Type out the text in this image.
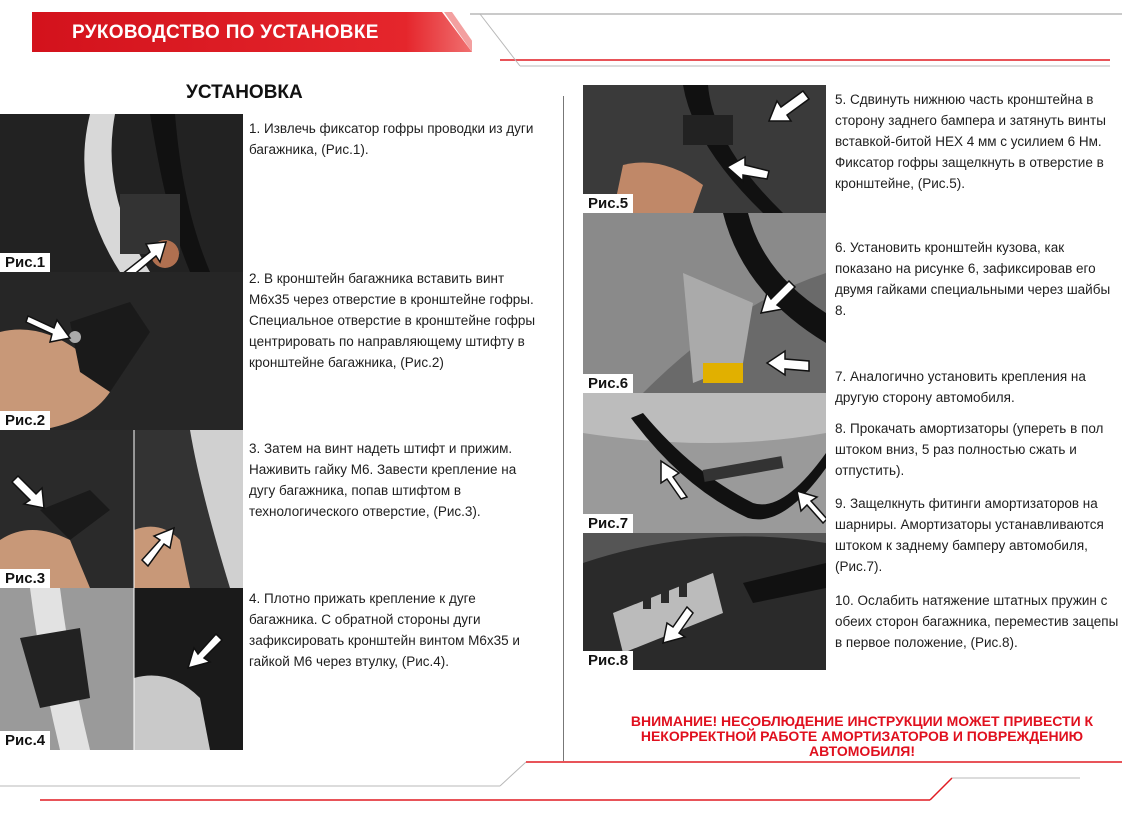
РУКОВОДСТВО ПО УСТАНОВКЕ
УСТАНОВКА
Рис.1
Рис.2
Рис.3
Рис.4
1. Извлечь фиксатор гофры проводки из дуги багажника, (Рис.1).
2. В кронштейн багажника вставить винт М6х35 через отверстие в кронштейне гофры. Специальное отверстие в кронштейне гофры центрировать по направляющему штифту в кронштейне багажника, (Рис.2)
3. Затем на винт надеть штифт и прижим. Наживить гайку М6. Завести крепление на дугу багажника, попав штифтом в технологического отверстие, (Рис.3).
4. Плотно прижать крепление к дуге багажника. С обратной стороны дуги зафиксировать кронштейн винтом М6х35 и гайкой М6 через втулку, (Рис.4).
Рис.5
Рис.6
Рис.7
Рис.8
5. Сдвинуть нижнюю часть кронштейна в сторону заднего бампера и затянуть винты вставкой-битой HEX 4 мм с усилием 6 Нм. Фиксатор гофры защелкнуть в отверстие в кронштейне, (Рис.5).
6. Установить кронштейн кузова, как показано на рисунке 6, зафиксировав его двумя гайками специальными через шайбы 8.
7. Аналогично установить крепления на другую сторону автомобиля.
8. Прокачать амортизаторы (упереть в пол штоком вниз, 5 раз полностью сжать и отпустить).
9. Защелкнуть фитинги амортизаторов на шарниры. Амортизаторы устанавливаются штоком к заднему бамперу автомобиля, (Рис.7).
10. Ослабить натяжение штатных пружин с обеих сторон багажника, переместив зацепы в первое положение, (Рис.8).
ВНИМАНИЕ! НЕСОБЛЮДЕНИЕ ИНСТРУКЦИИ МОЖЕТ ПРИВЕСТИ К НЕКОРРЕКТНОЙ РАБОТЕ АМОРТИЗАТОРОВ И ПОВРЕЖДЕНИЮ АВТОМОБИЛЯ!
